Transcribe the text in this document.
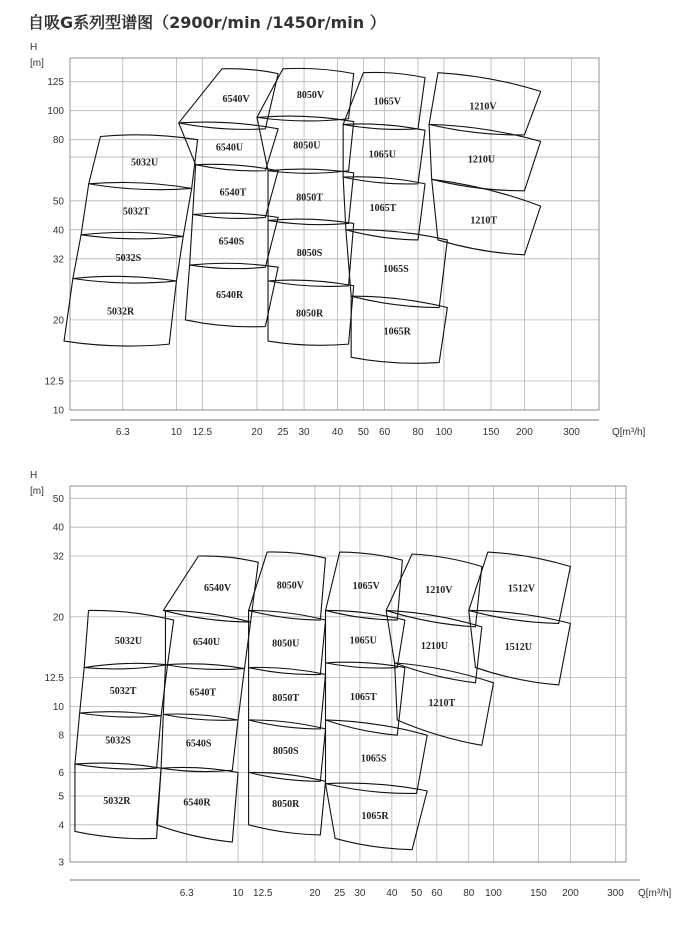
自吸G系列型谱图（2900r/min /1450r/min ）
10
12.5
20
32
40
50
80
100
125
H
[m]
6.3	10 12.5	20 25 30 40 50 60 80 100	150 200	300	Q[m³/h]
5032U
5032T
5032S
5032R
6540V
6540U
6540T
6540S
6540R
8050V
8050U
8050T
8050S
8050R
1065V
1065U
1065T
1065S
1065R
1210V
1210U
1210T
3
4
5
6
8
10
12.5
20
32
40
50
H
[m]
6.3	10 12.5	20 25 30 40 50 60 80 100	150 200	300 Q[m³/h]
5032U
5032T
5032S
5032R
6540V
6540U
6540T
6540S
6540R
8050V
8050U
8050T
8050S
8050R
1065V
1065U
1065T
1065S
1065R
1210V
1210U
1210T
1512V
1512U
